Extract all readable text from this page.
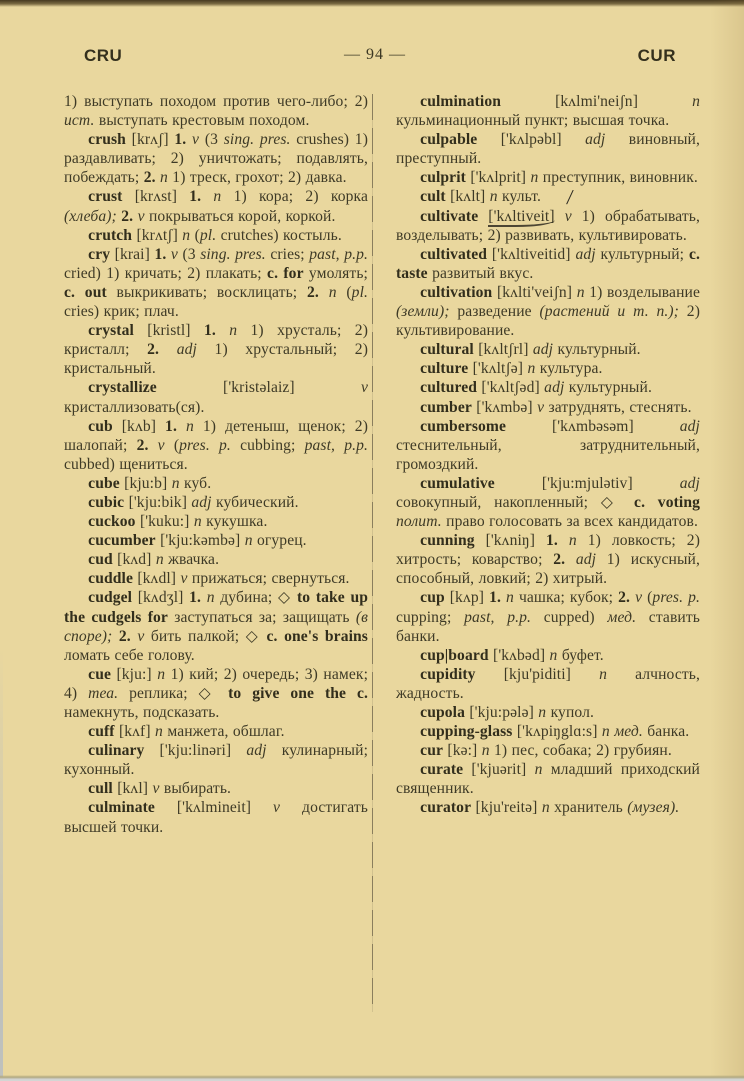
CRU	— 94 —	CUR

1) выступать походом против чего-либо; 2) ист. выступать крестовым походом.

crush [krʌʃ] 1. v (3 sing. pres. crushes) 1) раздавливать; 2) уничтожать; подавлять, побеждать; 2. n 1) треск, грохот; 2) давка.

crust [krʌst] 1. n 1) кора; 2) корка (хлеба); 2. v покрываться корой, коркой.

crutch [krʌtʃ] n (pl. crutches) костыль.

cry [krai] 1. v (3 sing. pres. cries; past, p.p. cried) 1) кричать; 2) плакать; c. for умолять; c. out выкрикивать; восклицать; 2. n (pl. cries) крик; плач.

crystal [kristl] 1. n 1) хрусталь; 2) кристалл; 2. adj 1) хрустальный; 2) кристальный.

crystallize ['kristəlaiz] v кристаллизовать(ся).

cub [kʌb] 1. n 1) детеныш, щенок; 2) шалопай; 2. v (pres. p. cubbing; past, p.p. cubbed) щениться.

cube [kju:b] n куб.

cubic ['kju:bik] adj кубический.

cuckoo ['kuku:] n кукушка.

cucumber ['kju:kəmbə] n огурец.

cud [kʌd] n жвачка.

cuddle [kʌdl] v прижаться; свернуться.

cudgel [kʌdʒl] 1. n дубина; ◇ to take up the cudgels for заступаться за; защищать (в споре); 2. v бить палкой; ◇ c. one's brains ломать себе голову.

cue [kju:] n 1) кий; 2) очередь; 3) намек; 4) теа. реплика; ◇ to give one the c. намекнуть, подсказать.

cuff [kʌf] n манжета, обшлаг.

culinary ['kju:linəri] adj кулинарный; кухонный.

cull [kʌl] v выбирать.

culminate ['kʌlmineit] v достигать высшей точки.

culmination [kʌlmi'neiʃn] n кульминационный пункт; высшая точка.

culpable ['kʌlpəbl] adj виновный, преступный.

culprit ['kʌlprit] n преступник, виновник.

cult [kʌlt] n культ. /

cultivate ['kʌltiveit] v 1) обрабатывать, возделывать; 2) развивать, культивировать.

cultivated ['kʌltiveitid] adj культурный; c. taste развитый вкус.

cultivation [kʌlti'veiʃn] n 1) возделывание (земли); разведение (растений и т. п.); 2) культивирование.

cultural [kʌltʃrl] adj культурный.

culture ['kʌltʃə] n культура.

cultured ['kʌltʃəd] adj культурный.

cumber ['kʌmbə] v затруднять, стеснять.

cumbersome ['kʌmbəsəm] adj стеснительный, затруднительный, громоздкий.

cumulative ['kju:mjulətiv] adj совокупный, накопленный; ◇ c. voting полит. право голосовать за всех кандидатов.

cunning ['kʌniŋ] 1. n 1) ловкость; 2) хитрость; коварство; 2. adj 1) искусный, способный, ловкий; 2) хитрый.

cup [kʌp] 1. n чашка; кубок; 2. v (pres. p. cupping; past, p.p. cupped) мед. ставить банки.

cup|board ['kʌbəd] n буфет.

cupidity [kju'piditi] n алчность, жадность.

cupola ['kju:pələ] n купол.

cupping-glass ['kʌpiŋglɑ:s] n мед. банка.

cur [kə:] n 1) пес, собака; 2) грубиян.

curate ['kjuərit] n младший приходский священник.

curator [kju'reitə] n хранитель (музея).
